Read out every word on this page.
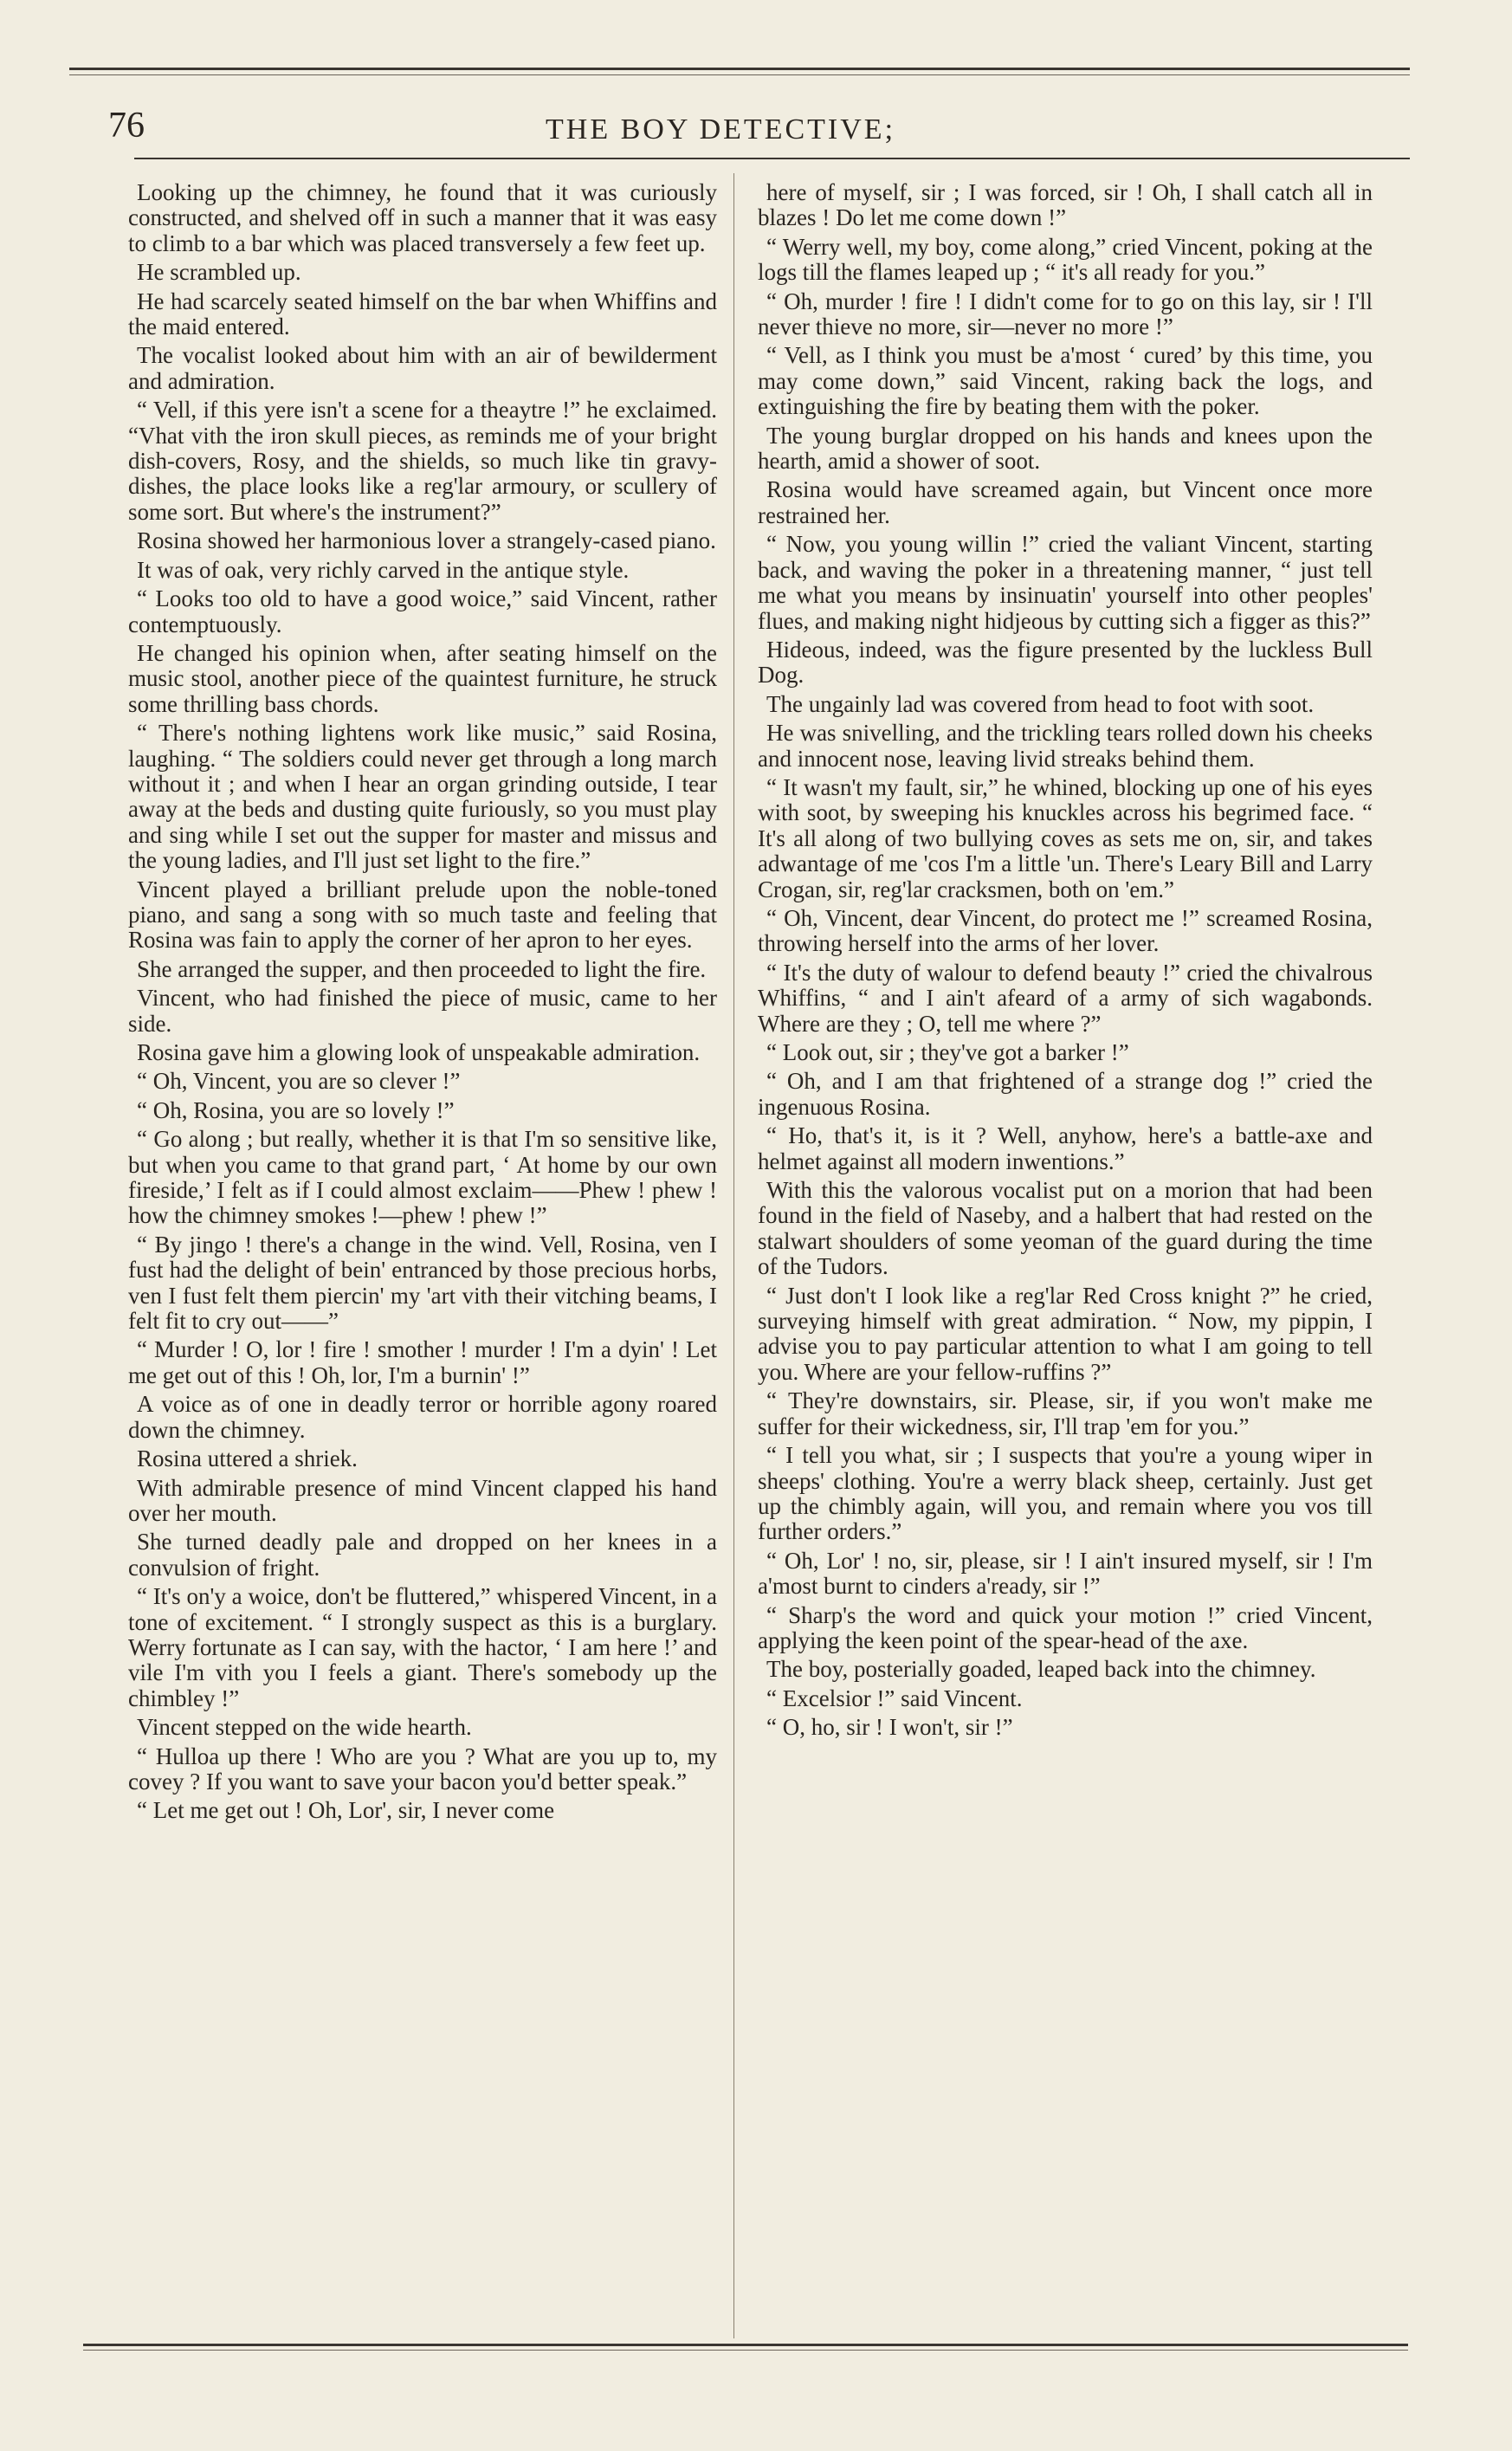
76	THE BOY DETECTIVE;

Looking up the chimney, he found that it was curiously constructed, and shelved off in such a manner that it was easy to climb to a bar which was placed transversely a few feet up.

He scrambled up.

He had scarcely seated himself on the bar when Whiffins and the maid entered.

The vocalist looked about him with an air of bewilderment and admiration.

“ Vell, if this yere isn't a scene for a theaytre !” he exclaimed. “Vhat vith the iron skull pieces, as reminds me of your bright dish-covers, Rosy, and the shields, so much like tin gravy-dishes, the place looks like a reg'lar armoury, or scullery of some sort. But where's the instrument?”

Rosina showed her harmonious lover a strangely-cased piano.

It was of oak, very richly carved in the antique style.

“ Looks too old to have a good woice,” said Vincent, rather contemptuously.

He changed his opinion when, after seating himself on the music stool, another piece of the quaintest furniture, he struck some thrilling bass chords.

“ There's nothing lightens work like music,” said Rosina, laughing. “ The soldiers could never get through a long march without it ; and when I hear an organ grinding outside, I tear away at the beds and dusting quite furiously, so you must play and sing while I set out the supper for master and missus and the young ladies, and I'll just set light to the fire.”

Vincent played a brilliant prelude upon the noble-toned piano, and sang a song with so much taste and feeling that Rosina was fain to apply the corner of her apron to her eyes.

She arranged the supper, and then proceeded to light the fire.

Vincent, who had finished the piece of music, came to her side.

Rosina gave him a glowing look of unspeakable admiration.

“ Oh, Vincent, you are so clever !”

“ Oh, Rosina, you are so lovely !”

“ Go along ; but really, whether it is that I'm so sensitive like, but when you came to that grand part, ‘ At home by our own fireside,’ I felt as if I could almost exclaim——Phew ! phew ! how the chimney smokes !—phew ! phew !”

“ By jingo ! there's a change in the wind. Vell, Rosina, ven I fust had the delight of bein' entranced by those precious horbs, ven I fust felt them piercin' my 'art vith their vitching beams, I felt fit to cry out——”

“ Murder ! O, lor ! fire ! smother ! murder ! I'm a dyin' ! Let me get out of this ! Oh, lor, I'm a burnin' !”

A voice as of one in deadly terror or horrible agony roared down the chimney.

Rosina uttered a shriek.

With admirable presence of mind Vincent clapped his hand over her mouth.

She turned deadly pale and dropped on her knees in a convulsion of fright.

“ It's on'y a woice, don't be fluttered,” whispered Vincent, in a tone of excitement. “ I strongly suspect as this is a burglary. Werry fortunate as I can say, with the hactor, ‘ I am here !’ and vile I'm vith you I feels a giant. There's somebody up the chimbley !”

Vincent stepped on the wide hearth.

“ Hulloa up there ! Who are you ? What are you up to, my covey ? If you want to save your bacon you'd better speak.”

“ Let me get out ! Oh, Lor', sir, I never come

here of myself, sir ; I was forced, sir ! Oh, I shall catch all in blazes ! Do let me come down !”

“ Werry well, my boy, come along,” cried Vincent, poking at the logs till the flames leaped up ; “ it's all ready for you.”

“ Oh, murder ! fire ! I didn't come for to go on this lay, sir ! I'll never thieve no more, sir—never no more !”

“ Vell, as I think you must be a'most ‘ cured’ by this time, you may come down,” said Vincent, raking back the logs, and extinguishing the fire by beating them with the poker.

The young burglar dropped on his hands and knees upon the hearth, amid a shower of soot.

Rosina would have screamed again, but Vincent once more restrained her.

“ Now, you young willin !” cried the valiant Vincent, starting back, and waving the poker in a threatening manner, “ just tell me what you means by insinuatin' yourself into other peoples' flues, and making night hidjeous by cutting sich a figger as this?”

Hideous, indeed, was the figure presented by the luckless Bull Dog.

The ungainly lad was covered from head to foot with soot.

He was snivelling, and the trickling tears rolled down his cheeks and innocent nose, leaving livid streaks behind them.

“ It wasn't my fault, sir,” he whined, blocking up one of his eyes with soot, by sweeping his knuckles across his begrimed face. “ It's all along of two bullying coves as sets me on, sir, and takes adwantage of me 'cos I'm a little 'un. There's Leary Bill and Larry Crogan, sir, reg'lar cracksmen, both on 'em.”

“ Oh, Vincent, dear Vincent, do protect me !” screamed Rosina, throwing herself into the arms of her lover.

“ It's the duty of walour to defend beauty !” cried the chivalrous Whiffins, “ and I ain't afeard of a army of sich wagabonds. Where are they ; O, tell me where ?”

“ Look out, sir ; they've got a barker !”

“ Oh, and I am that frightened of a strange dog !” cried the ingenuous Rosina.

“ Ho, that's it, is it ? Well, anyhow, here's a battle-axe and helmet against all modern inwentions.”

With this the valorous vocalist put on a morion that had been found in the field of Naseby, and a halbert that had rested on the stalwart shoulders of some yeoman of the guard during the time of the Tudors.

“ Just don't I look like a reg'lar Red Cross knight ?” he cried, surveying himself with great admiration. “ Now, my pippin, I advise you to pay particular attention to what I am going to tell you. Where are your fellow-ruffins ?”

“ They're downstairs, sir. Please, sir, if you won't make me suffer for their wickedness, sir, I'll trap 'em for you.”

“ I tell you what, sir ; I suspects that you're a young wiper in sheeps' clothing. You're a werry black sheep, certainly. Just get up the chimbly again, will you, and remain where you vos till further orders.”

“ Oh, Lor' ! no, sir, please, sir ! I ain't insured myself, sir ! I'm a'most burnt to cinders a'ready, sir !”

“ Sharp's the word and quick your motion !” cried Vincent, applying the keen point of the spear-head of the axe.

The boy, posterially goaded, leaped back into the chimney.

“ Excelsior !” said Vincent.

“ O, ho, sir ! I won't, sir !”
